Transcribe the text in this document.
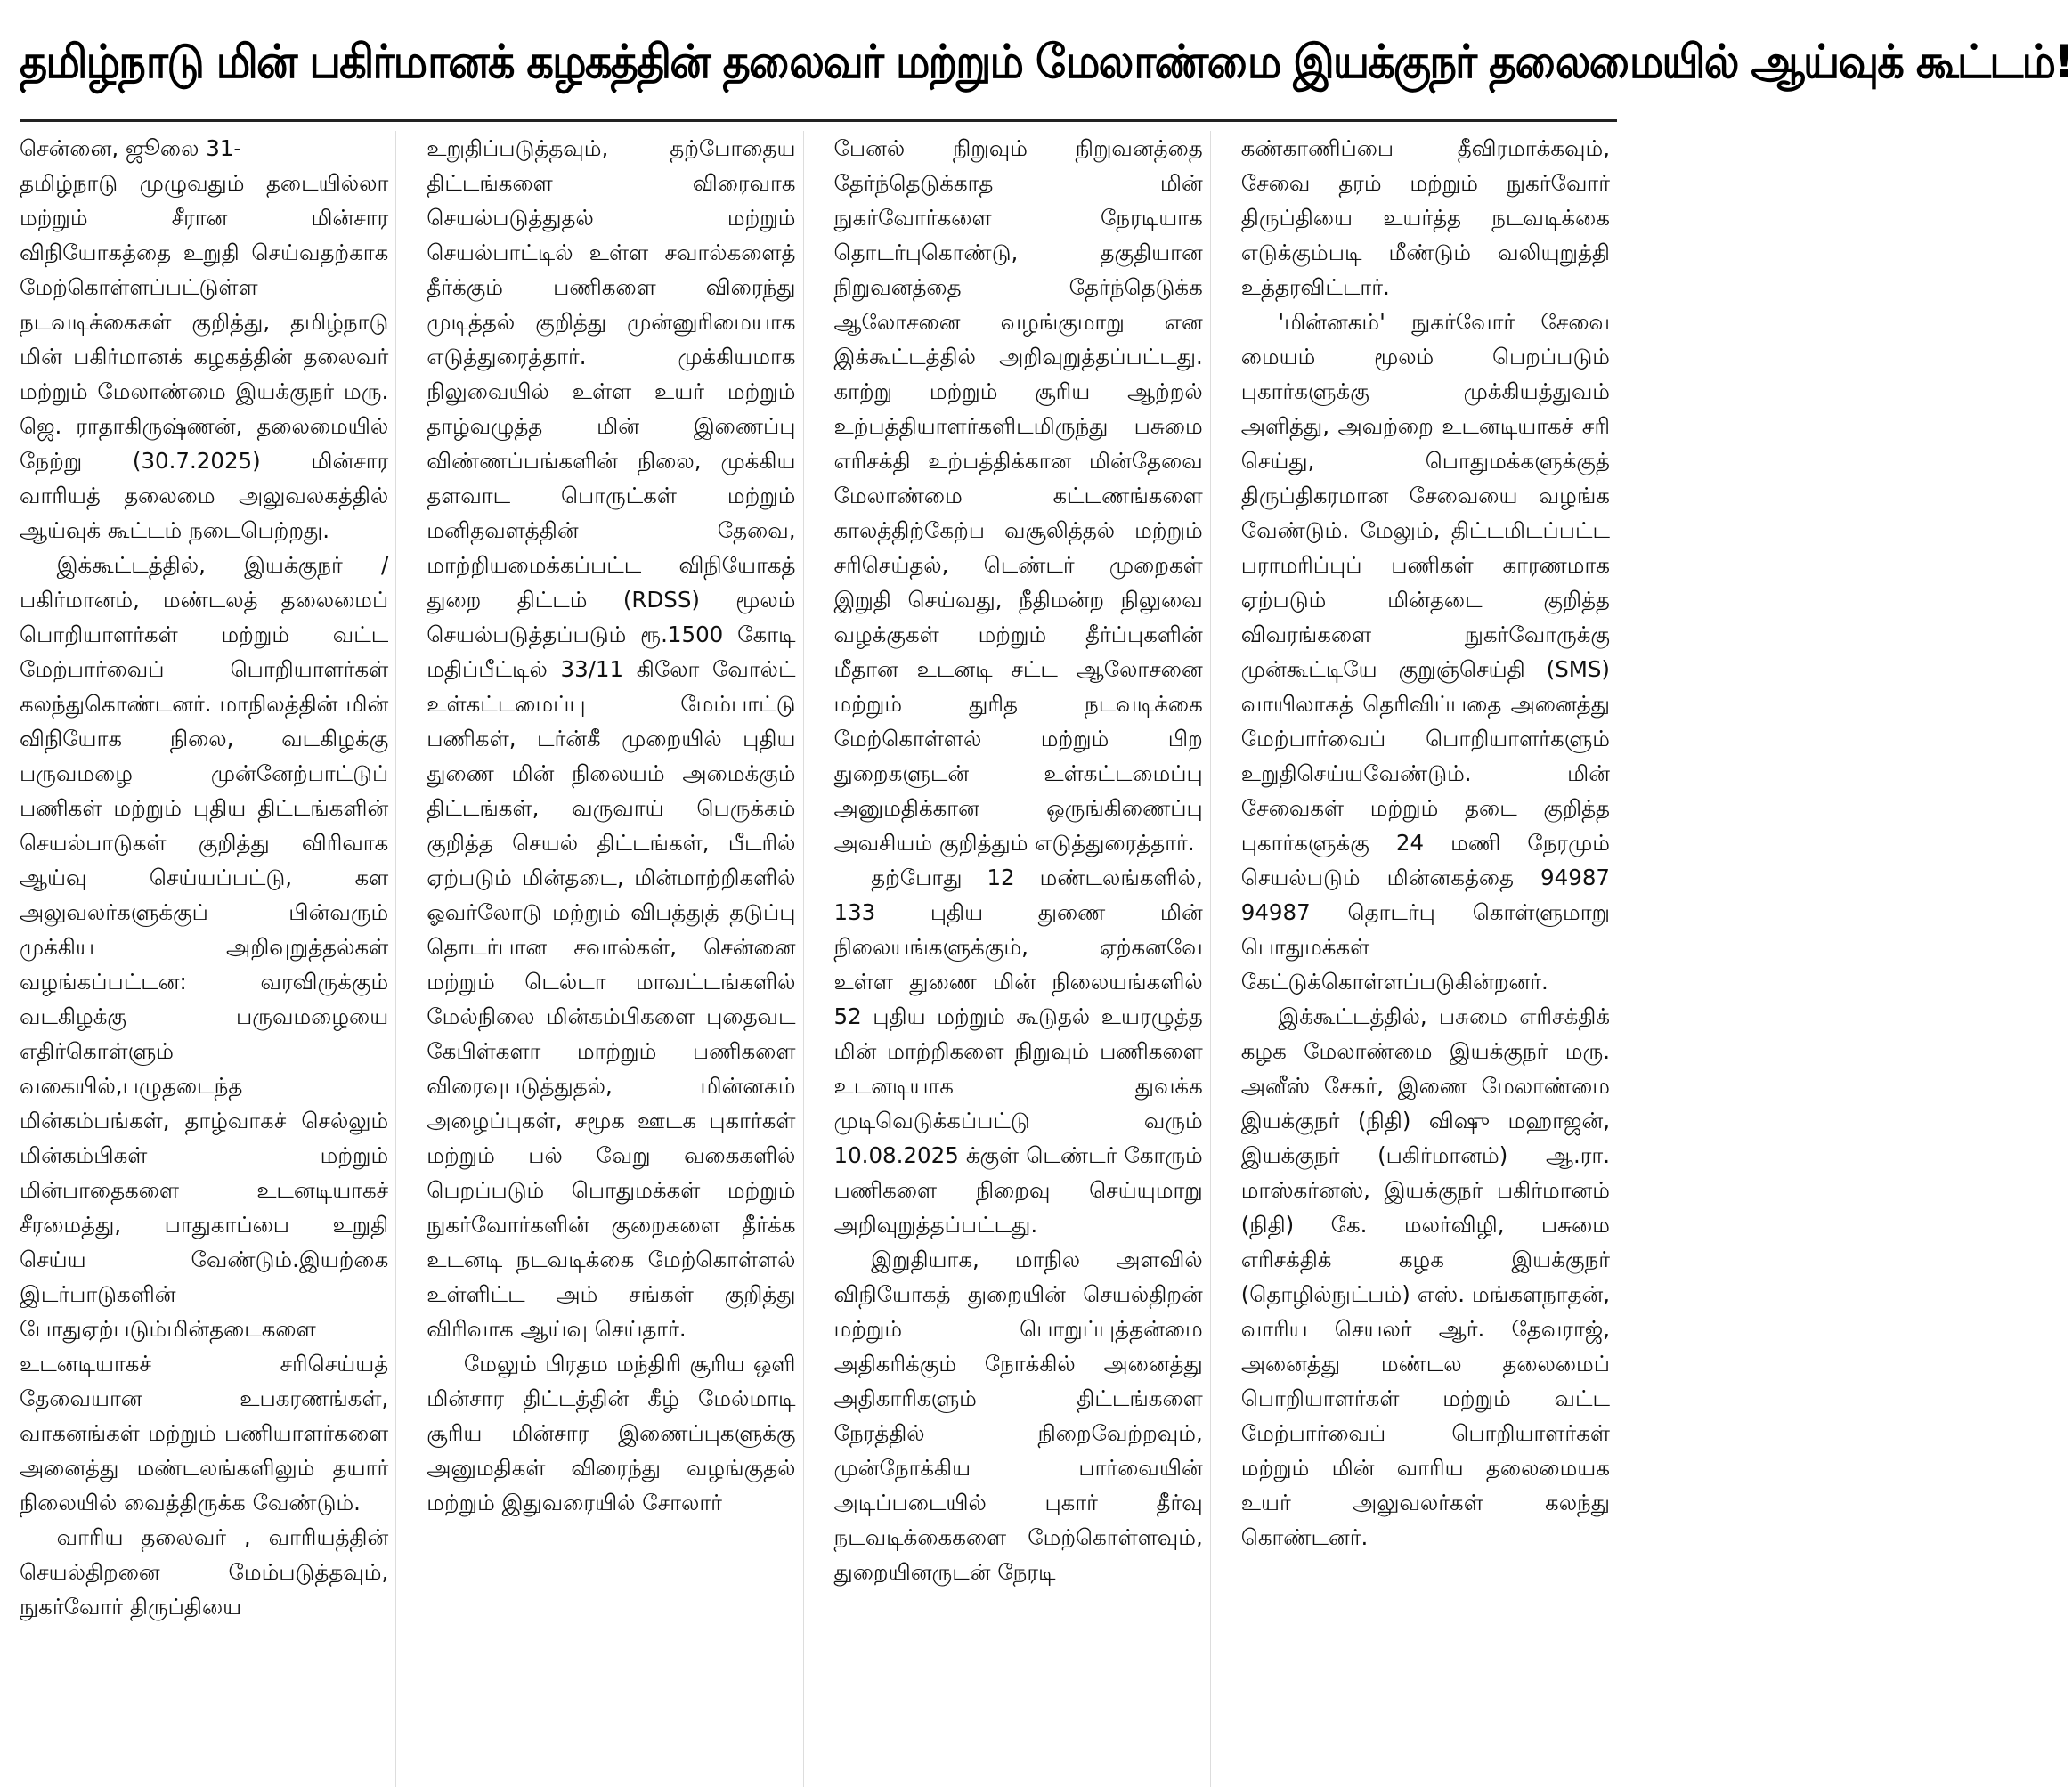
தமிழ்நாடு மின் பகிர்மானக் கழகத்தின் தலைவர் மற்றும் மேலாண்மை இயக்குநர் தலைமையில் ஆய்வுக் கூட்டம்!

சென்னை, ஜூலை 31-

தமிழ்நாடு முழுவதும் தடையில்லா மற்றும் சீரான மின்சார விநியோகத்தை உறுதி செய்வதற்காக மேற்கொள்ளப்பட்டுள்ள நடவடிக்கைகள் குறித்து, தமிழ்நாடு மின் பகிர்மானக் கழகத்தின் தலைவர் மற்றும் மேலாண்மை இயக்குநர் மரு. ஜெ. ராதாகிருஷ்ணன், தலைமையில் நேற்று (30.7.2025) மின்சார வாரியத் தலைமை அலுவலகத்தில் ஆய்வுக் கூட்டம் நடைபெற்றது.

இக்கூட்டத்தில், இயக்குநர் / பகிர்மானம், மண்டலத் தலைமைப் பொறியாளர்கள் மற்றும் வட்ட மேற்பார்வைப் பொறியாளர்கள் கலந்துகொண்டனர். மாநிலத்தின் மின் விநியோக நிலை, வடகிழக்கு பருவமழை முன்னேற்பாட்டுப் பணிகள் மற்றும் புதிய திட்டங்களின் செயல்பாடுகள் குறித்து விரிவாக ஆய்வு செய்யப்பட்டு, கள அலுவலர்களுக்குப் பின்வரும் முக்கிய அறிவுறுத்தல்கள் வழங்கப்பட்டன: வரவிருக்கும் வடகிழக்கு பருவமழையை எதிர்கொள்ளும் வகையில்,பழுதடைந்த மின்கம்பங்கள், தாழ்வாகச் செல்லும் மின்கம்பிகள் மற்றும் மின்பாதைகளை உடனடியாகச் சீரமைத்து, பாதுகாப்பை உறுதி செய்ய வேண்டும்.இயற்கை இடர்பாடுகளின் போதுஏற்படும்மின்தடைகளை உடனடியாகச் சரிசெய்யத் தேவையான உபகரணங்கள், வாகனங்கள் மற்றும் பணியாளர்களை அனைத்து மண்டலங்களிலும் தயார் நிலையில் வைத்திருக்க வேண்டும்.

வாரிய தலைவர் , வாரியத்தின் செயல்திறனை மேம்படுத்தவும், நுகர்வோர் திருப்தியை

உறுதிப்படுத்தவும், தற்போதைய திட்டங்களை விரைவாக செயல்படுத்துதல் மற்றும் செயல்பாட்டில் உள்ள சவால்களைத் தீர்க்கும் பணிகளை விரைந்து முடித்தல் குறித்து முன்னுரிமையாக எடுத்துரைத்தார். முக்கியமாக நிலுவையில் உள்ள உயர் மற்றும் தாழ்வழுத்த மின் இணைப்பு விண்ணப்பங்களின் நிலை, முக்கிய தளவாட பொருட்கள் மற்றும் மனிதவளத்தின் தேவை, மாற்றியமைக்கப்பட்ட விநியோகத் துறை திட்டம் (RDSS) மூலம் செயல்படுத்தப்படும் ரூ.1500 கோடி மதிப்பீட்டில் 33/11 கிலோ வோல்ட் உள்கட்டமைப்பு மேம்பாட்டு பணிகள், டர்ன்கீ முறையில் புதிய துணை மின் நிலையம் அமைக்கும் திட்டங்கள், வருவாய் பெருக்கம் குறித்த செயல் திட்டங்கள், பீடரில் ஏற்படும் மின்தடை, மின்மாற்றிகளில் ஓவர்லோடு மற்றும் விபத்துத் தடுப்பு தொடர்பான சவால்கள், சென்னை மற்றும் டெல்டா மாவட்டங்களில் மேல்நிலை மின்கம்பிகளை புதைவட கேபிள்களா மாற்றும் பணிகளை விரைவுபடுத்துதல், மின்னகம் அழைப்புகள், சமூக ஊடக புகார்கள் மற்றும் பல் வேறு வகைகளில் பெறப்படும் பொதுமக்கள் மற்றும் நுகர்வோர்களின் குறைகளை தீர்க்க உடனடி நடவடிக்கை மேற்கொள்ளல் உள்ளிட்ட அம் சங்கள் குறித்து விரிவாக ஆய்வு செய்தார்.

மேலும் பிரதம மந்திரி சூரிய ஒளி மின்சார திட்டத்தின் கீழ் மேல்மாடி சூரிய மின்சார இணைப்புகளுக்கு அனுமதிகள் விரைந்து வழங்குதல் மற்றும் இதுவரையில் சோலார்

பேனல் நிறுவும் நிறுவனத்தை தேர்ந்தெடுக்காத மின் நுகர்வோர்களை நேரடியாக தொடர்புகொண்டு, தகுதியான நிறுவனத்தை தேர்ந்தெடுக்க ஆலோசனை வழங்குமாறு என இக்கூட்டத்தில் அறிவுறுத்தப்பட்டது. காற்று மற்றும் சூரிய ஆற்றல் உற்பத்தியாளர்களிடமிருந்து பசுமை எரிசக்தி உற்பத்திக்கான மின்தேவை மேலாண்மை கட்டணங்களை காலத்திற்கேற்ப வசூலித்தல் மற்றும் சரிசெய்தல், டெண்டர் முறைகள் இறுதி செய்வது, நீதிமன்ற நிலுவை வழக்குகள் மற்றும் தீர்ப்புகளின் மீதான உடனடி சட்ட ஆலோசனை மற்றும் துரித நடவடிக்கை மேற்கொள்ளல் மற்றும் பிற துறைகளுடன் உள்கட்டமைப்பு அனுமதிக்கான ஒருங்கிணைப்பு அவசியம் குறித்தும் எடுத்துரைத்தார்.

தற்போது 12 மண்டலங்களில், 133 புதிய துணை மின் நிலையங்களுக்கும், ஏற்கனவே உள்ள துணை மின் நிலையங்களில் 52 புதிய மற்றும் கூடுதல் உயரழுத்த மின் மாற்றிகளை நிறுவும் பணிகளை உடனடியாக துவக்க முடிவெடுக்கப்பட்டு வரும் 10.08.2025 க்குள் டெண்டர் கோரும் பணிகளை நிறைவு செய்யுமாறு அறிவுறுத்தப்பட்டது.

இறுதியாக, மாநில அளவில் விநியோகத் துறையின் செயல்திறன் மற்றும் பொறுப்புத்தன்மை அதிகரிக்கும் நோக்கில் அனைத்து அதிகாரிகளும் திட்டங்களை நேரத்தில் நிறைவேற்றவும், முன்நோக்கிய பார்வையின் அடிப்படையில் புகார் தீர்வு நடவடிக்கைகளை மேற்கொள்ளவும், துறையினருடன் நேரடி

கண்காணிப்பை தீவிரமாக்கவும், சேவை தரம் மற்றும் நுகர்வோர் திருப்தியை உயர்த்த நடவடிக்கை எடுக்கும்படி மீண்டும் வலியுறுத்தி உத்தரவிட்டார்.

'மின்னகம்' நுகர்வோர் சேவை மையம் மூலம் பெறப்படும் புகார்களுக்கு முக்கியத்துவம் அளித்து, அவற்றை உடனடியாகச் சரி செய்து, பொதுமக்களுக்குத் திருப்திகரமான சேவையை வழங்க வேண்டும். மேலும், திட்டமிடப்பட்ட பராமரிப்புப் பணிகள் காரணமாக ஏற்படும் மின்தடை குறித்த விவரங்களை நுகர்வோருக்கு முன்கூட்டியே குறுஞ்செய்தி (SMS) வாயிலாகத் தெரிவிப்பதை அனைத்து மேற்பார்வைப் பொறியாளர்களும் உறுதிசெய்யவேண்டும். மின் சேவைகள் மற்றும் தடை குறித்த புகார்களுக்கு 24 மணி நேரமும் செயல்படும் மின்னகத்தை 94987 94987 தொடர்பு கொள்ளுமாறு பொதுமக்கள் கேட்டுக்கொள்ளப்படுகின்றனர்.

இக்கூட்டத்தில், பசுமை எரிசக்திக் கழக மேலாண்மை இயக்குநர் மரு. அனீஸ் சேகர், இணை மேலாண்மை இயக்குநர் (நிதி) விஷு மஹாஜன், இயக்குநர் (பகிர்மானம்) ஆ.ரா. மாஸ்கர்னஸ், இயக்குநர் பகிர்மானம் (நிதி) கே. மலர்விழி, பசுமை எரிசக்திக் கழக இயக்குநர் (தொழில்நுட்பம்) எஸ். மங்களநாதன், வாரிய செயலர் ஆர். தேவராஜ், அனைத்து மண்டல தலைமைப் பொறியாளர்கள் மற்றும் வட்ட மேற்பார்வைப் பொறியாளர்கள் மற்றும் மின் வாரிய தலைமையக உயர் அலுவலர்கள் கலந்து கொண்டனர்.
